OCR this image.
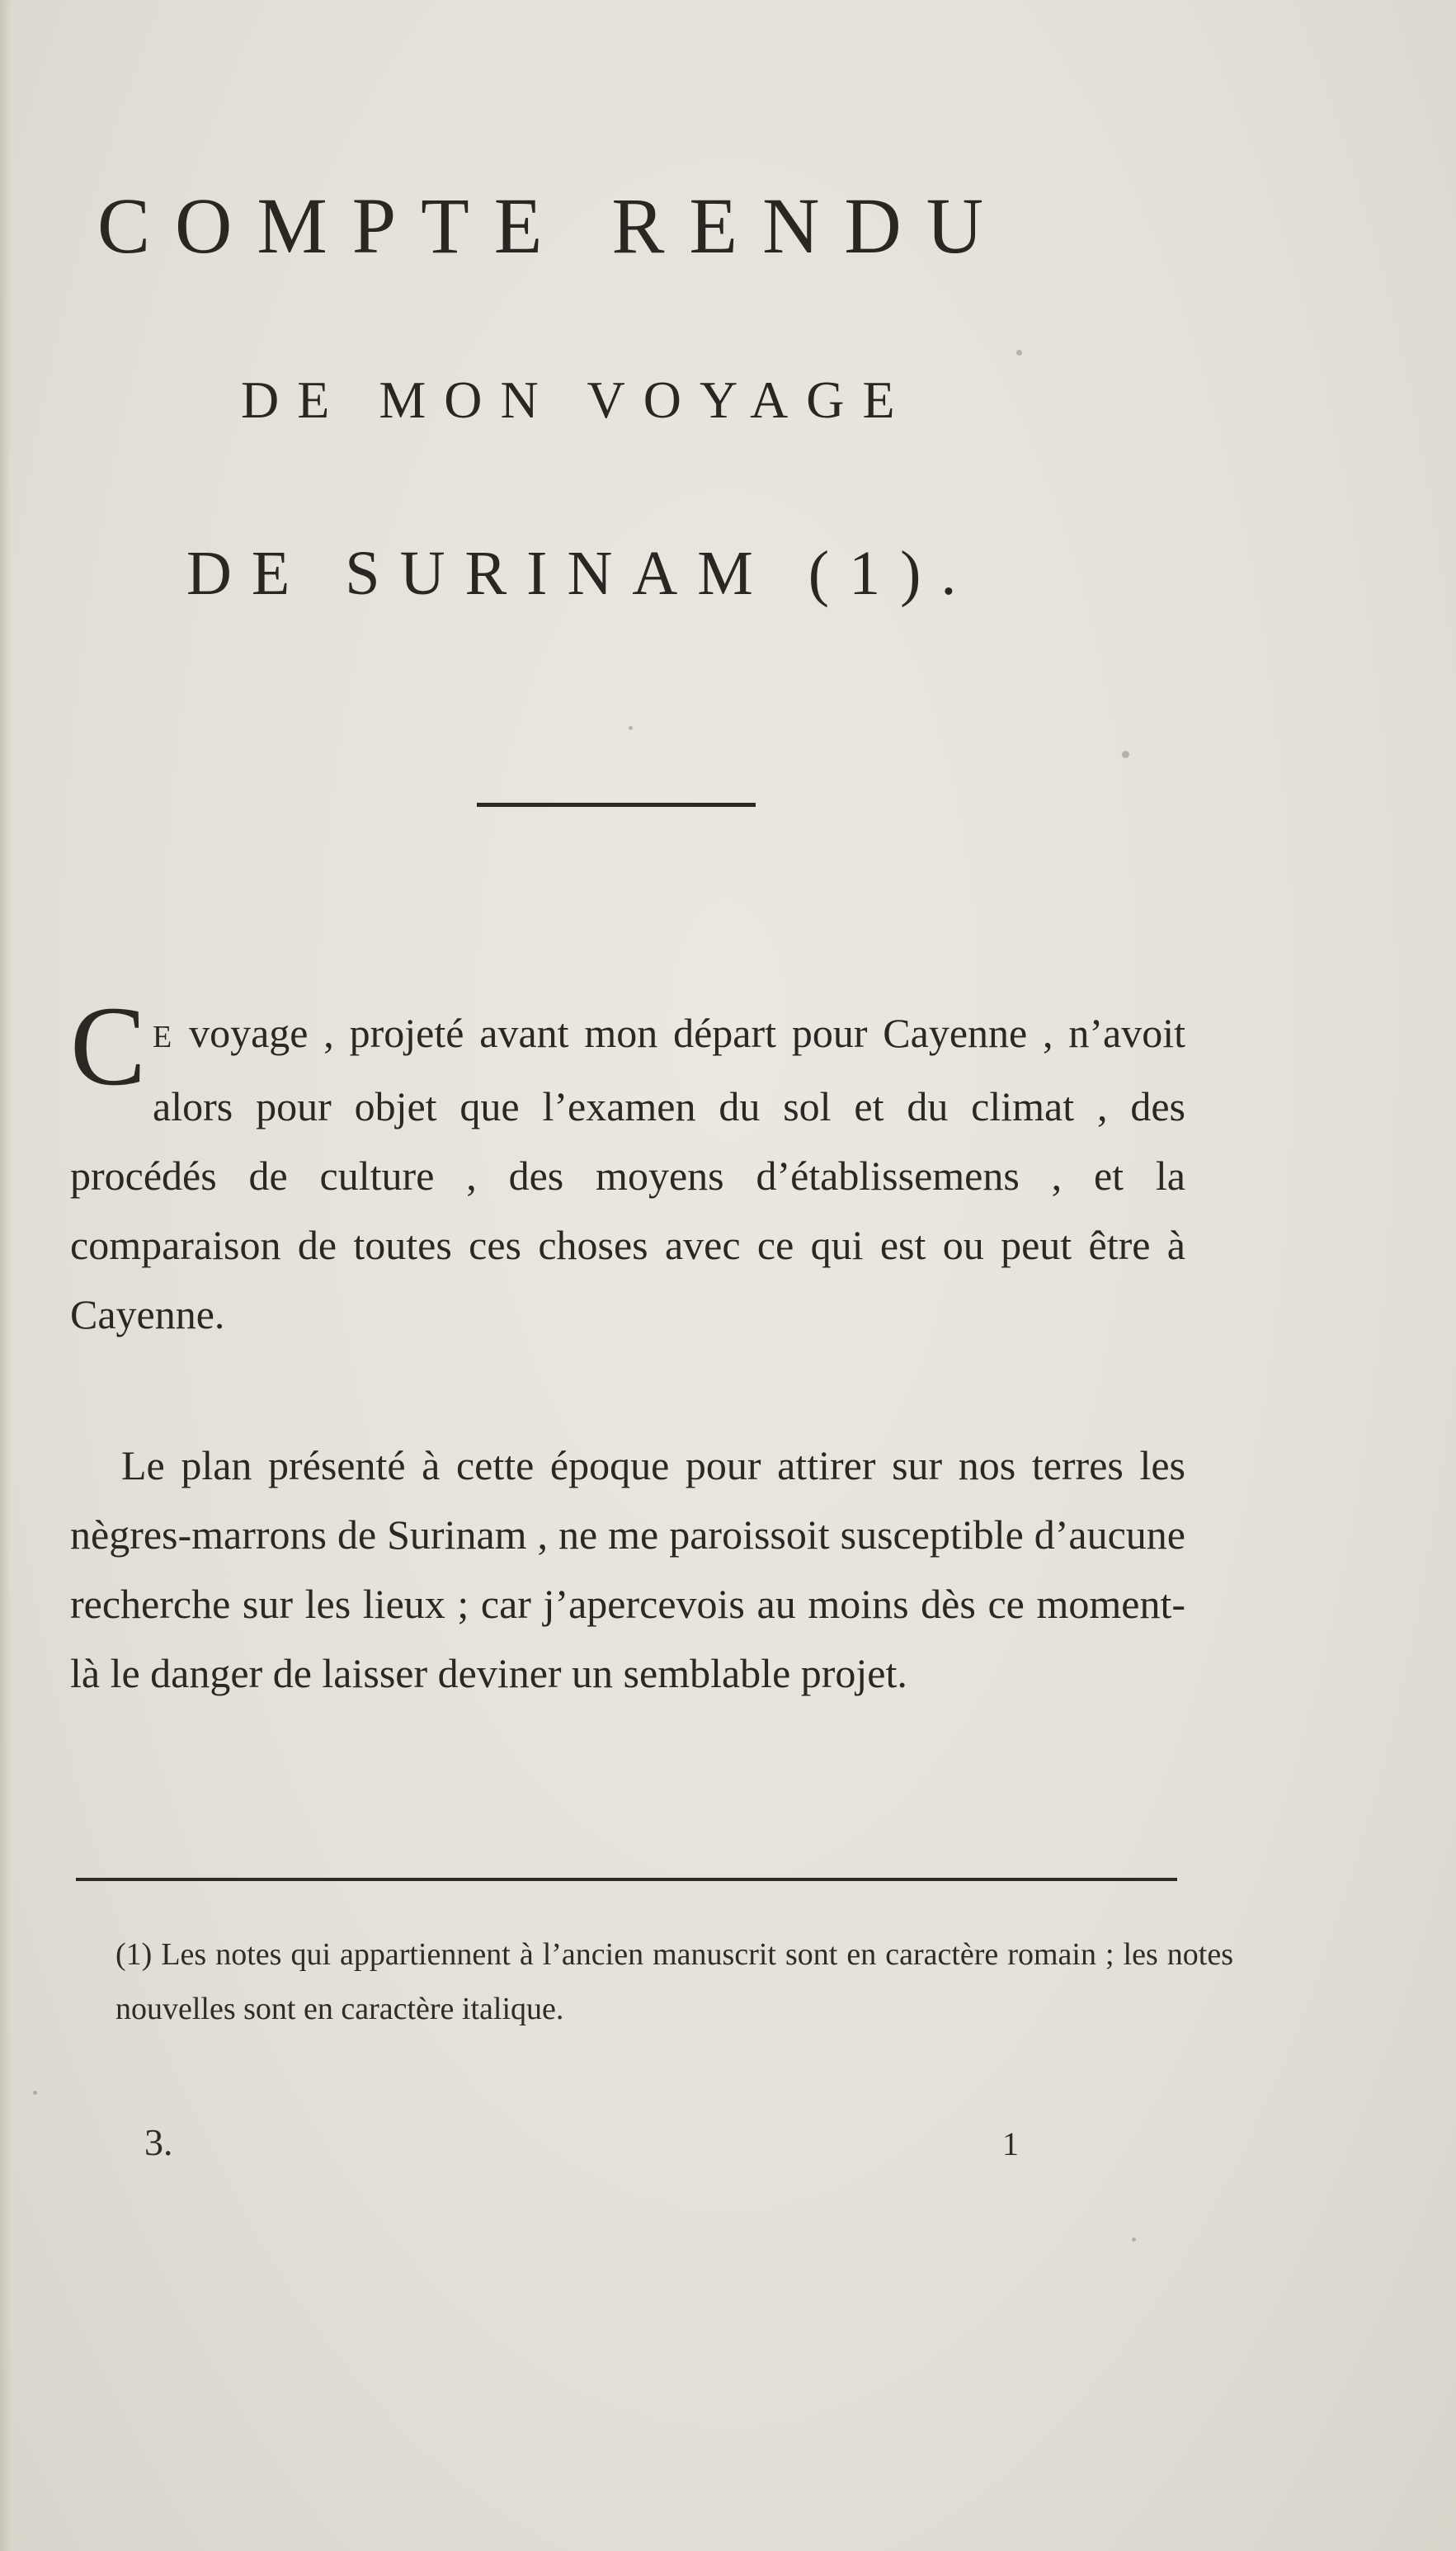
COMPTE RENDU
DE MON VOYAGE
DE SURINAM (1).
CE voyage , projeté avant mon départ pour Cayenne , n’avoit alors pour objet que l’examen du sol et du climat , des procédés de culture , des moyens d’établissemens , et la comparaison de toutes ces choses avec ce qui est ou peut être à Cayenne.
Le plan présenté à cette époque pour attirer sur nos terres les nègres-marrons de Surinam , ne me paroissoit susceptible d’aucune recherche sur les lieux ; car j’apercevois au moins dès ce moment-là le danger de laisser deviner un semblable projet.
(1) Les notes qui appartiennent à l’ancien manuscrit sont en caractère romain ; les notes nouvelles sont en caractère italique.
3.	1
